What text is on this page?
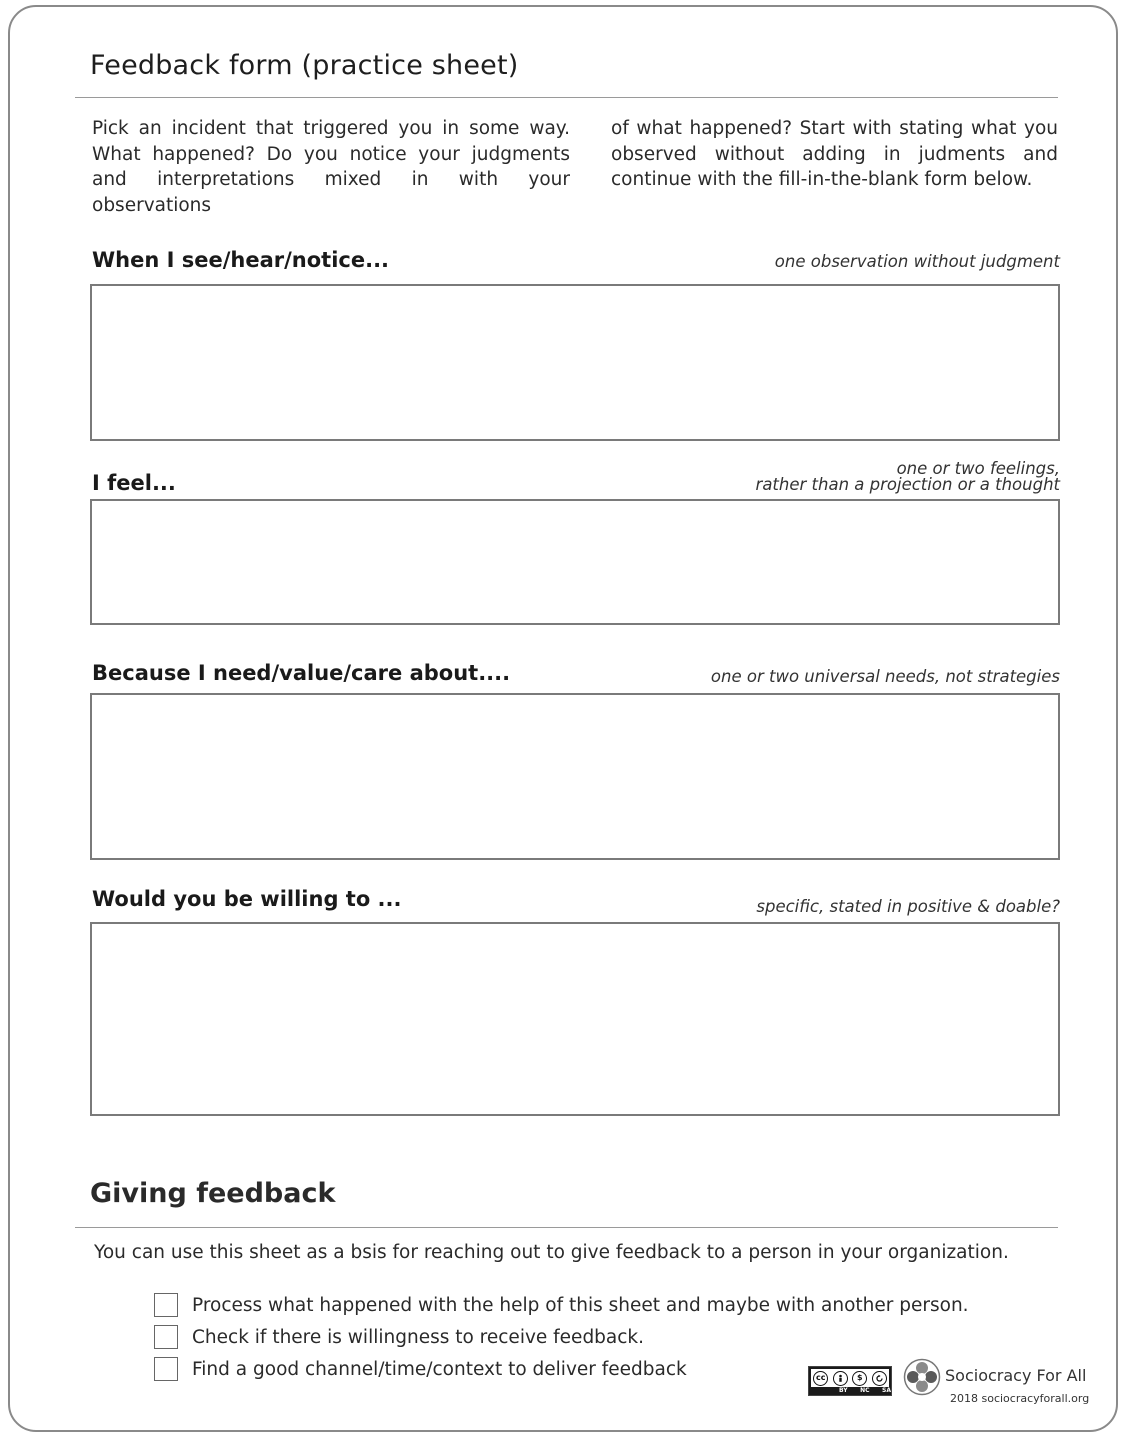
Feedback form (practice sheet)

Pick an incident that triggered you in some way. What happened? Do you notice your judgments and interpretations mixed in with your observations

of what happened? Start with stating what you observed without adding in judments and continue with the fill-in-the-blank form below.

When I see/hear/notice...	one observation without judgment

I feel...

one or two feelings,
rather than a projection or a thought

Because I need/value/care about....	one or two universal needs, not strategies

Would you be willing to ...	specific, stated in positive & doable?

Giving feedback

You can use this sheet as a bsis for reaching out to give feedback to a person in your organization.

Process what happened with the help of this sheet and maybe with another person.
Check if there is willingness to receive feedback.
Find a good channel/time/context to deliver feedback	cc	$
BY NC SA

Sociocracy For All

2018 sociocracyforall.org
